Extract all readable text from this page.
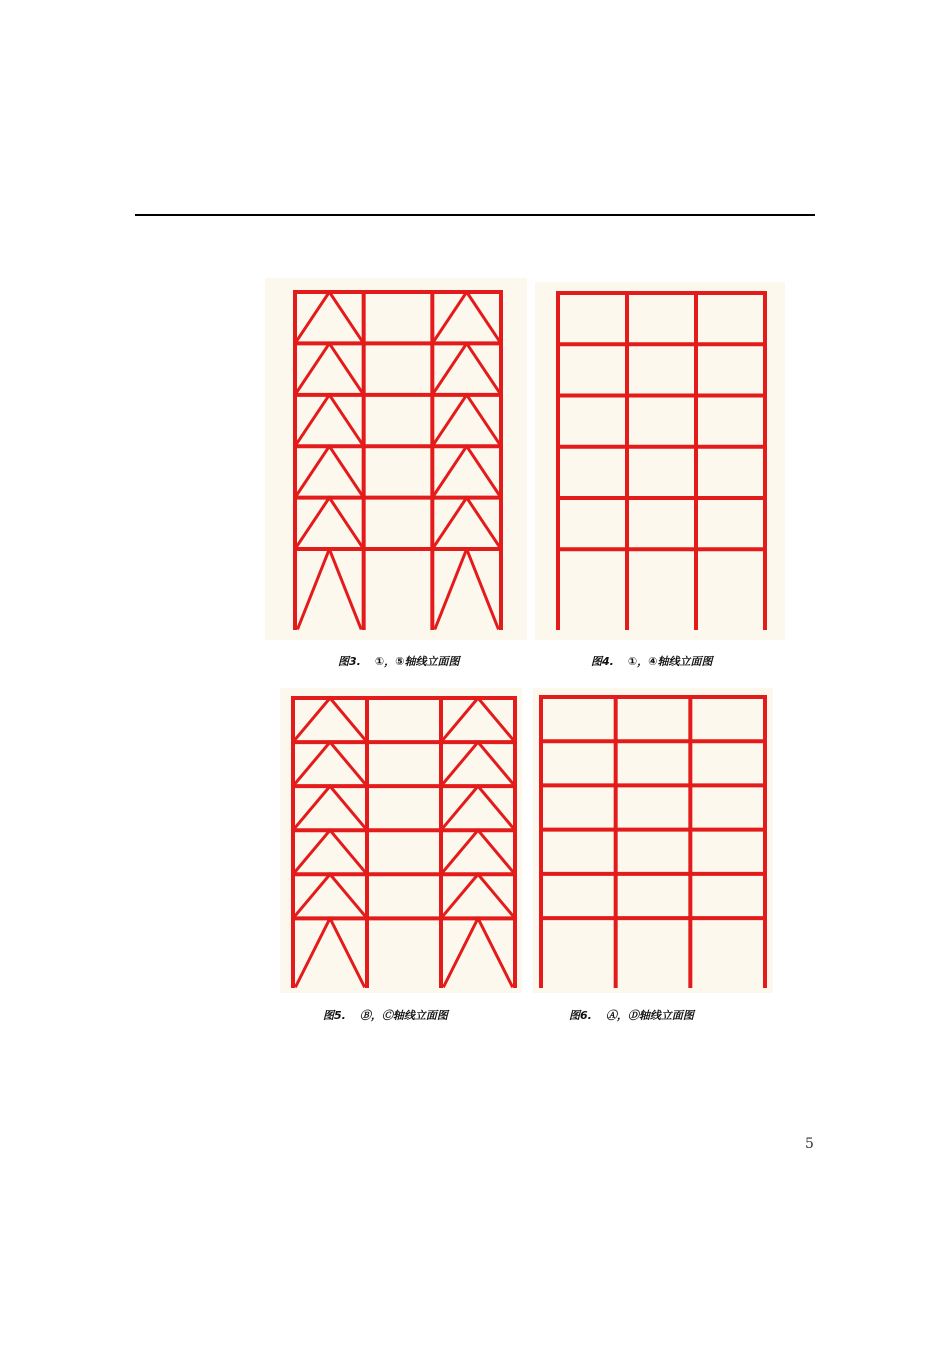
图3. ①，⑤轴线立面图	图4. ①，④轴线立面图
图5. Ⓑ，Ⓒ轴线立面图	图6. Ⓐ，Ⓓ轴线立面图
5
